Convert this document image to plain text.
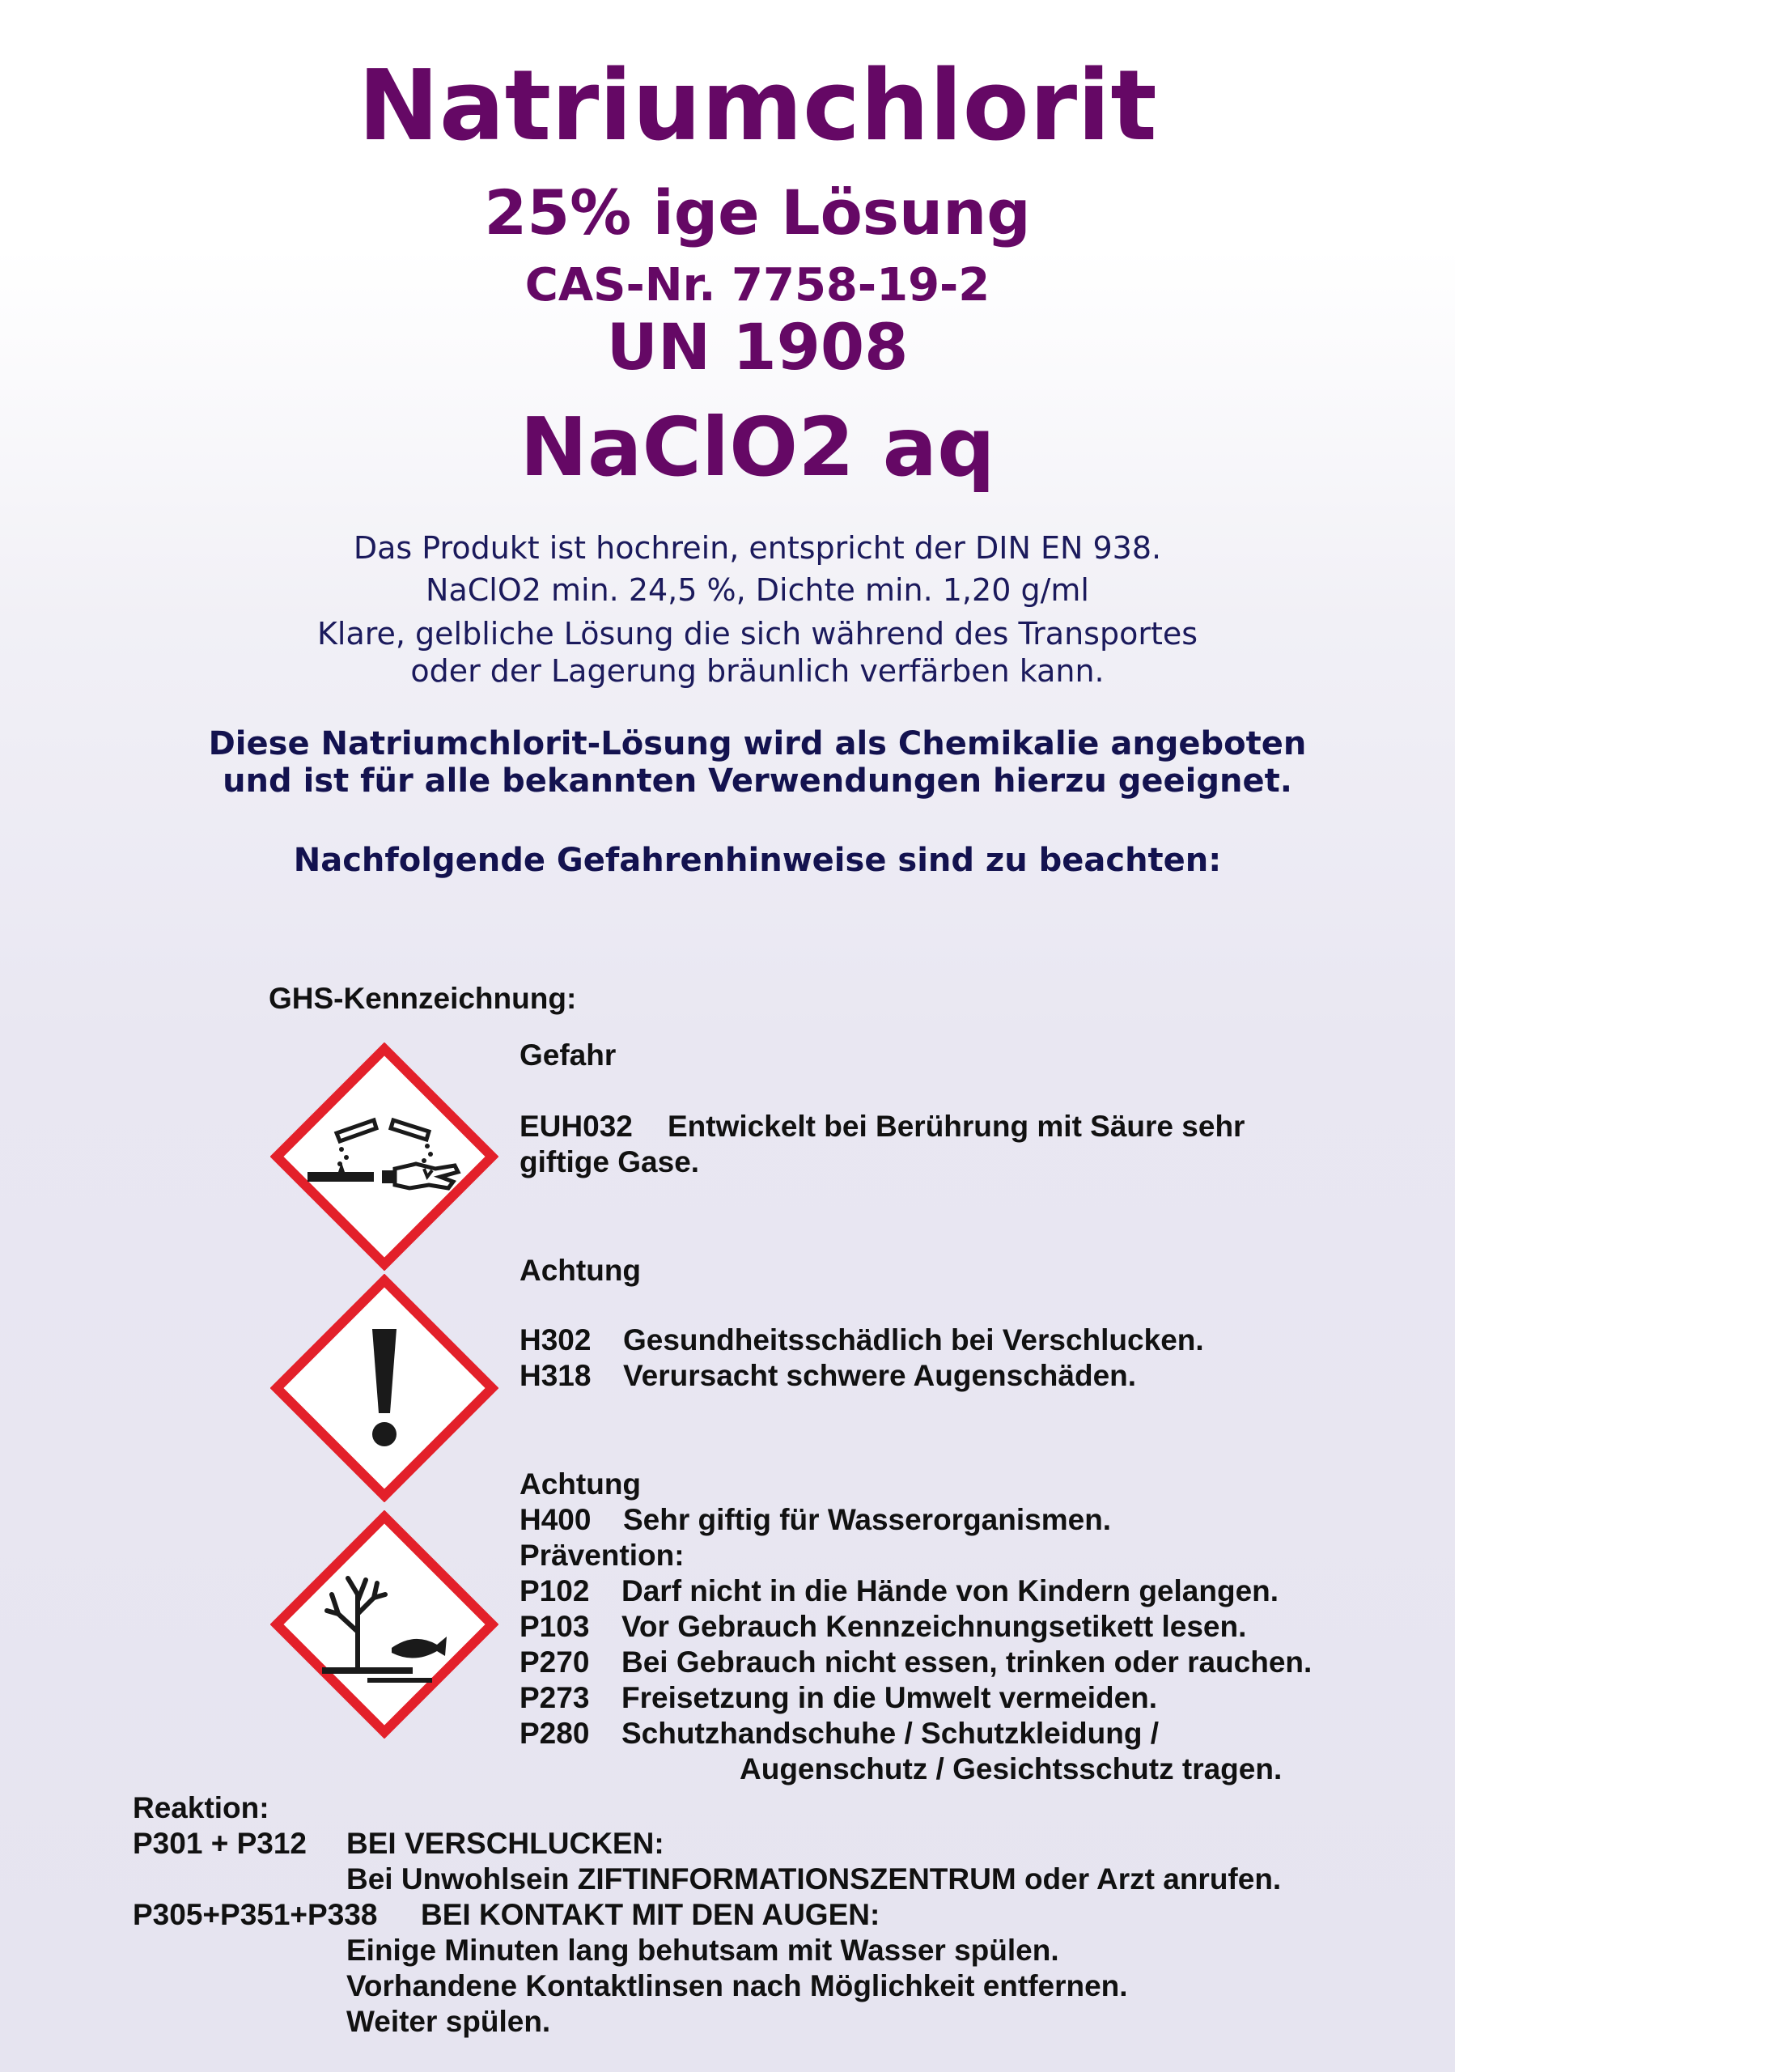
Natriumchlorit
25% ige Lösung
CAS-Nr. 7758-19-2
UN 1908
NaClO2 aq
Das Produkt ist hochrein, entspricht der DIN EN 938.
NaClO2 min. 24,5 %, Dichte min. 1,20 g/ml
Klare, gelbliche Lösung die sich während des Transportes
oder der Lagerung bräunlich verfärben kann.
Diese Natriumchlorit-Lösung wird als Chemikalie angeboten
und ist für alle bekannten Verwendungen hierzu geeignet.
Nachfolgende Gefahrenhinweise sind zu beachten:
GHS-Kennzeichnung:
Gefahr
EUH032 Entwickelt bei Berührung mit Säure sehr
giftige Gase.
Achtung
H302 Gesundheitsschädlich bei Verschlucken.
H318 Verursacht schwere Augenschäden.
Achtung
H400 Sehr giftig für Wasserorganismen.
Prävention:
P102 Darf nicht in die Hände von Kindern gelangen.
P103 Vor Gebrauch Kennzeichnungsetikett lesen.
P270 Bei Gebrauch nicht essen, trinken oder rauchen.
P273 Freisetzung in die Umwelt vermeiden.
P280 Schutzhandschuhe / Schutzkleidung /
Augenschutz / Gesichtsschutz tragen.
Reaktion:
P301 + P312 BEI VERSCHLUCKEN:
Bei Unwohlsein ZIFTINFORMATIONSZENTRUM oder Arzt anrufen.
P305+P351+P338 BEI KONTAKT MIT DEN AUGEN:
Einige Minuten lang behutsam mit Wasser spülen.
Vorhandene Kontaktlinsen nach Möglichkeit entfernen.
Weiter spülen.
